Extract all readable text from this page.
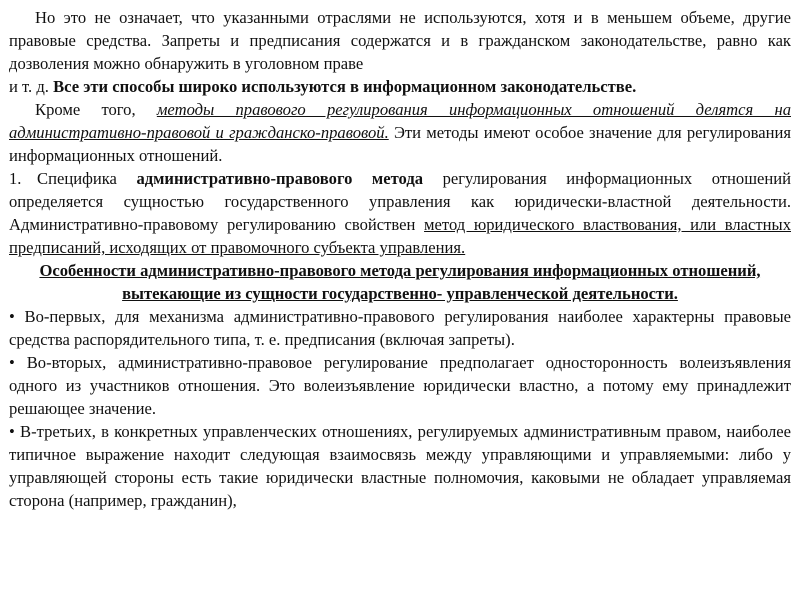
Но это не означает, что указанными отраслями не используются, хотя и в меньшем объеме, другие правовые средства. Запреты и предписания содержатся и в гражданском законодательстве, равно как дозволения можно обнаружить в уголовном праве
и т. д. Все эти способы широко используются в информационном законодательстве.

Кроме того, методы правового регулирования информационных отношений делятся на административно-правовой и гражданско-правовой. Эти методы имеют особое значение для регулирования информационных отношений.

1. Специфика административно-правового метода регулирования информационных отношений определяется сущностью государственного управления как юридически-властной деятельности. Административно-правовому регулированию свойствен метод юридического властвования, или властных предписаний, исходящих от правомочного субъекта управления.

Особенности административно-правового метода регулирования информационных отношений, вытекающие из сущности государственно- управленческой деятельности.

• Во-первых, для механизма административно-правового регулирования наиболее характерны правовые средства распорядительного типа, т. е. предписания (включая запреты).

• Во-вторых, административно-правовое регулирование предполагает односторонность волеизъявления одного из участников отношения. Это волеизъявление юридически властно, а потому ему принадлежит решающее значение.

• В-третьих, в конкретных управленческих отношениях, регулируемых административным правом, наиболее типичное выражение находит следующая взаимосвязь между управляющими и управляемыми: либо у управляющей стороны есть такие юридически властные полномочия, каковыми не обладает управляемая сторона (например, гражданин),
